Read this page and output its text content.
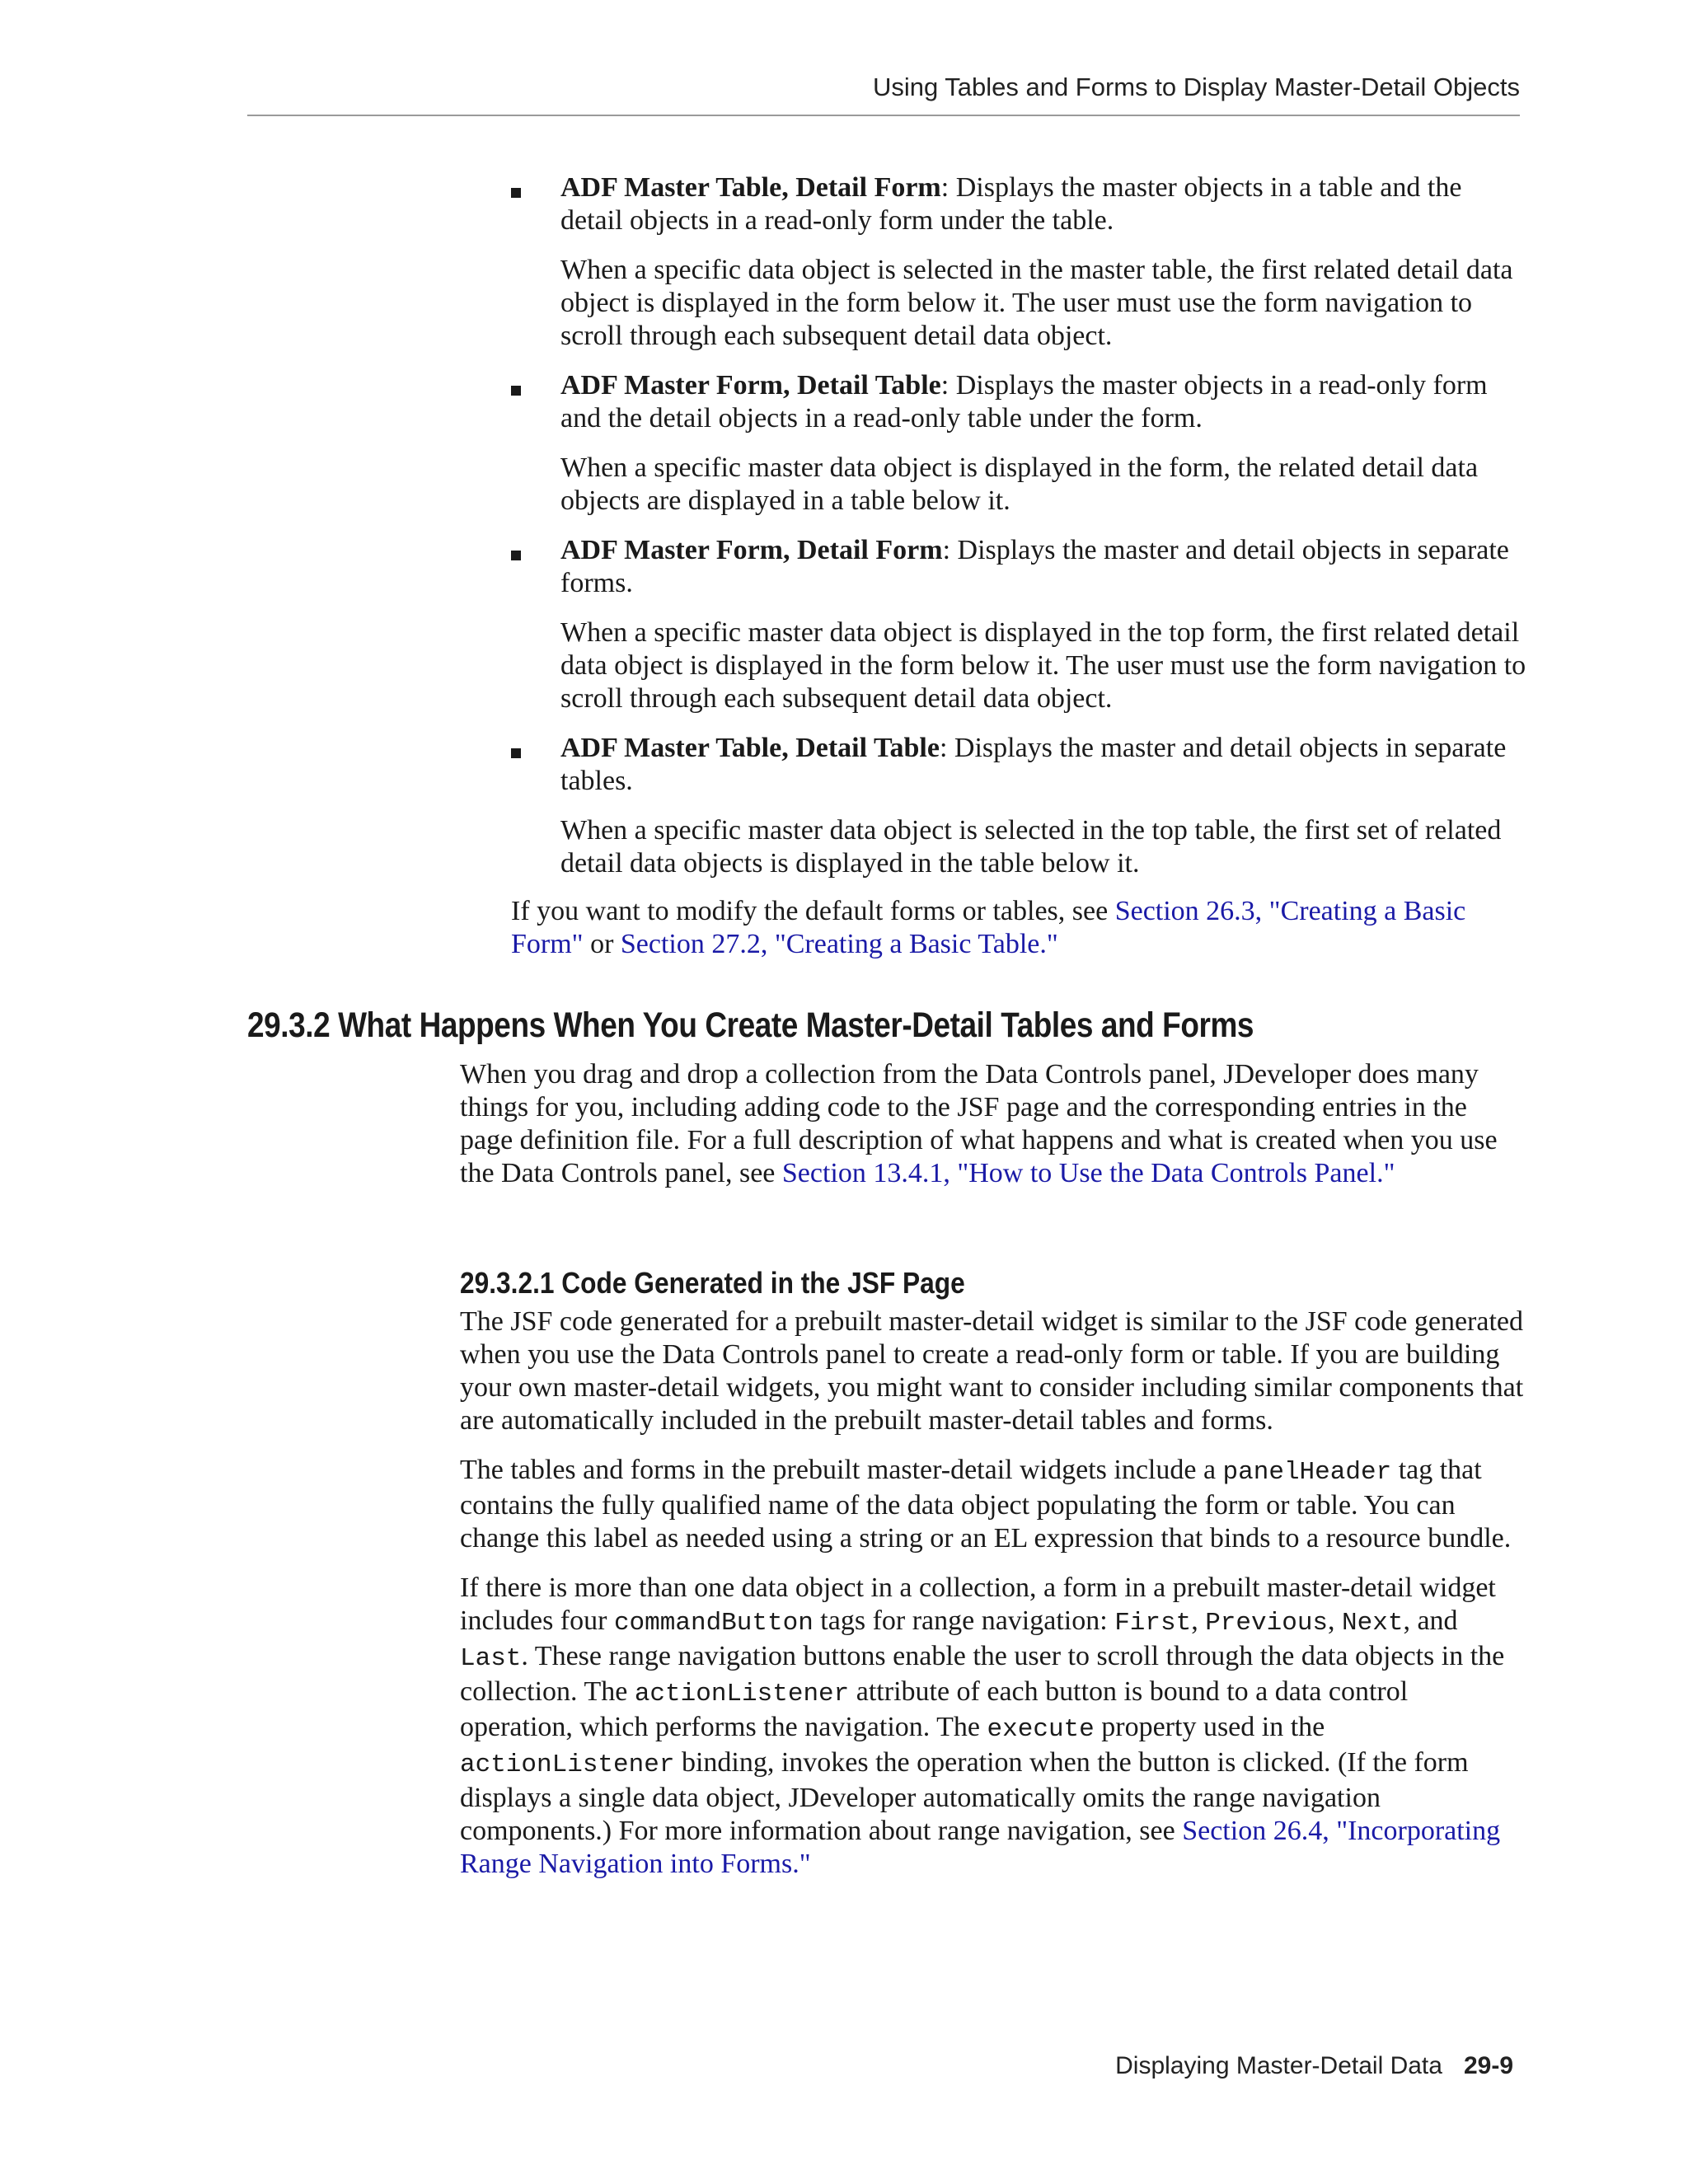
Using Tables and Forms to Display Master-Detail Objects

ADF Master Table, Detail Form: Displays the master objects in a table and the detail objects in a read-only form under the table.

When a specific data object is selected in the master table, the first related detail data object is displayed in the form below it. The user must use the form navigation to scroll through each subsequent detail data object.

ADF Master Form, Detail Table: Displays the master objects in a read-only form and the detail objects in a read-only table under the form.

When a specific master data object is displayed in the form, the related detail data objects are displayed in a table below it.

ADF Master Form, Detail Form: Displays the master and detail objects in separate forms.

When a specific master data object is displayed in the top form, the first related detail data object is displayed in the form below it. The user must use the form navigation to scroll through each subsequent detail data object.

ADF Master Table, Detail Table: Displays the master and detail objects in separate tables.

When a specific master data object is selected in the top table, the first set of related detail data objects is displayed in the table below it.

If you want to modify the default forms or tables, see Section 26.3, "Creating a Basic Form" or Section 27.2, "Creating a Basic Table."

29.3.2 What Happens When You Create Master-Detail Tables and Forms

When you drag and drop a collection from the Data Controls panel, JDeveloper does many things for you, including adding code to the JSF page and the corresponding entries in the page definition file. For a full description of what happens and what is created when you use the Data Controls panel, see Section 13.4.1, "How to Use the Data Controls Panel."

29.3.2.1 Code Generated in the JSF Page

The JSF code generated for a prebuilt master-detail widget is similar to the JSF code generated when you use the Data Controls panel to create a read-only form or table. If you are building your own master-detail widgets, you might want to consider including similar components that are automatically included in the prebuilt master-detail tables and forms.

The tables and forms in the prebuilt master-detail widgets include a panelHeader tag that contains the fully qualified name of the data object populating the form or table. You can change this label as needed using a string or an EL expression that binds to a resource bundle.

If there is more than one data object in a collection, a form in a prebuilt master-detail widget includes four commandButton tags for range navigation: First, Previous, Next, and Last. These range navigation buttons enable the user to scroll through the data objects in the collection. The actionListener attribute of each button is bound to a data control operation, which performs the navigation. The execute property used in the actionListener binding, invokes the operation when the button is clicked. (If the form displays a single data object, JDeveloper automatically omits the range navigation components.) For more information about range navigation, see Section 26.4, "Incorporating Range Navigation into Forms."

Displaying Master-Detail Data 29-9
